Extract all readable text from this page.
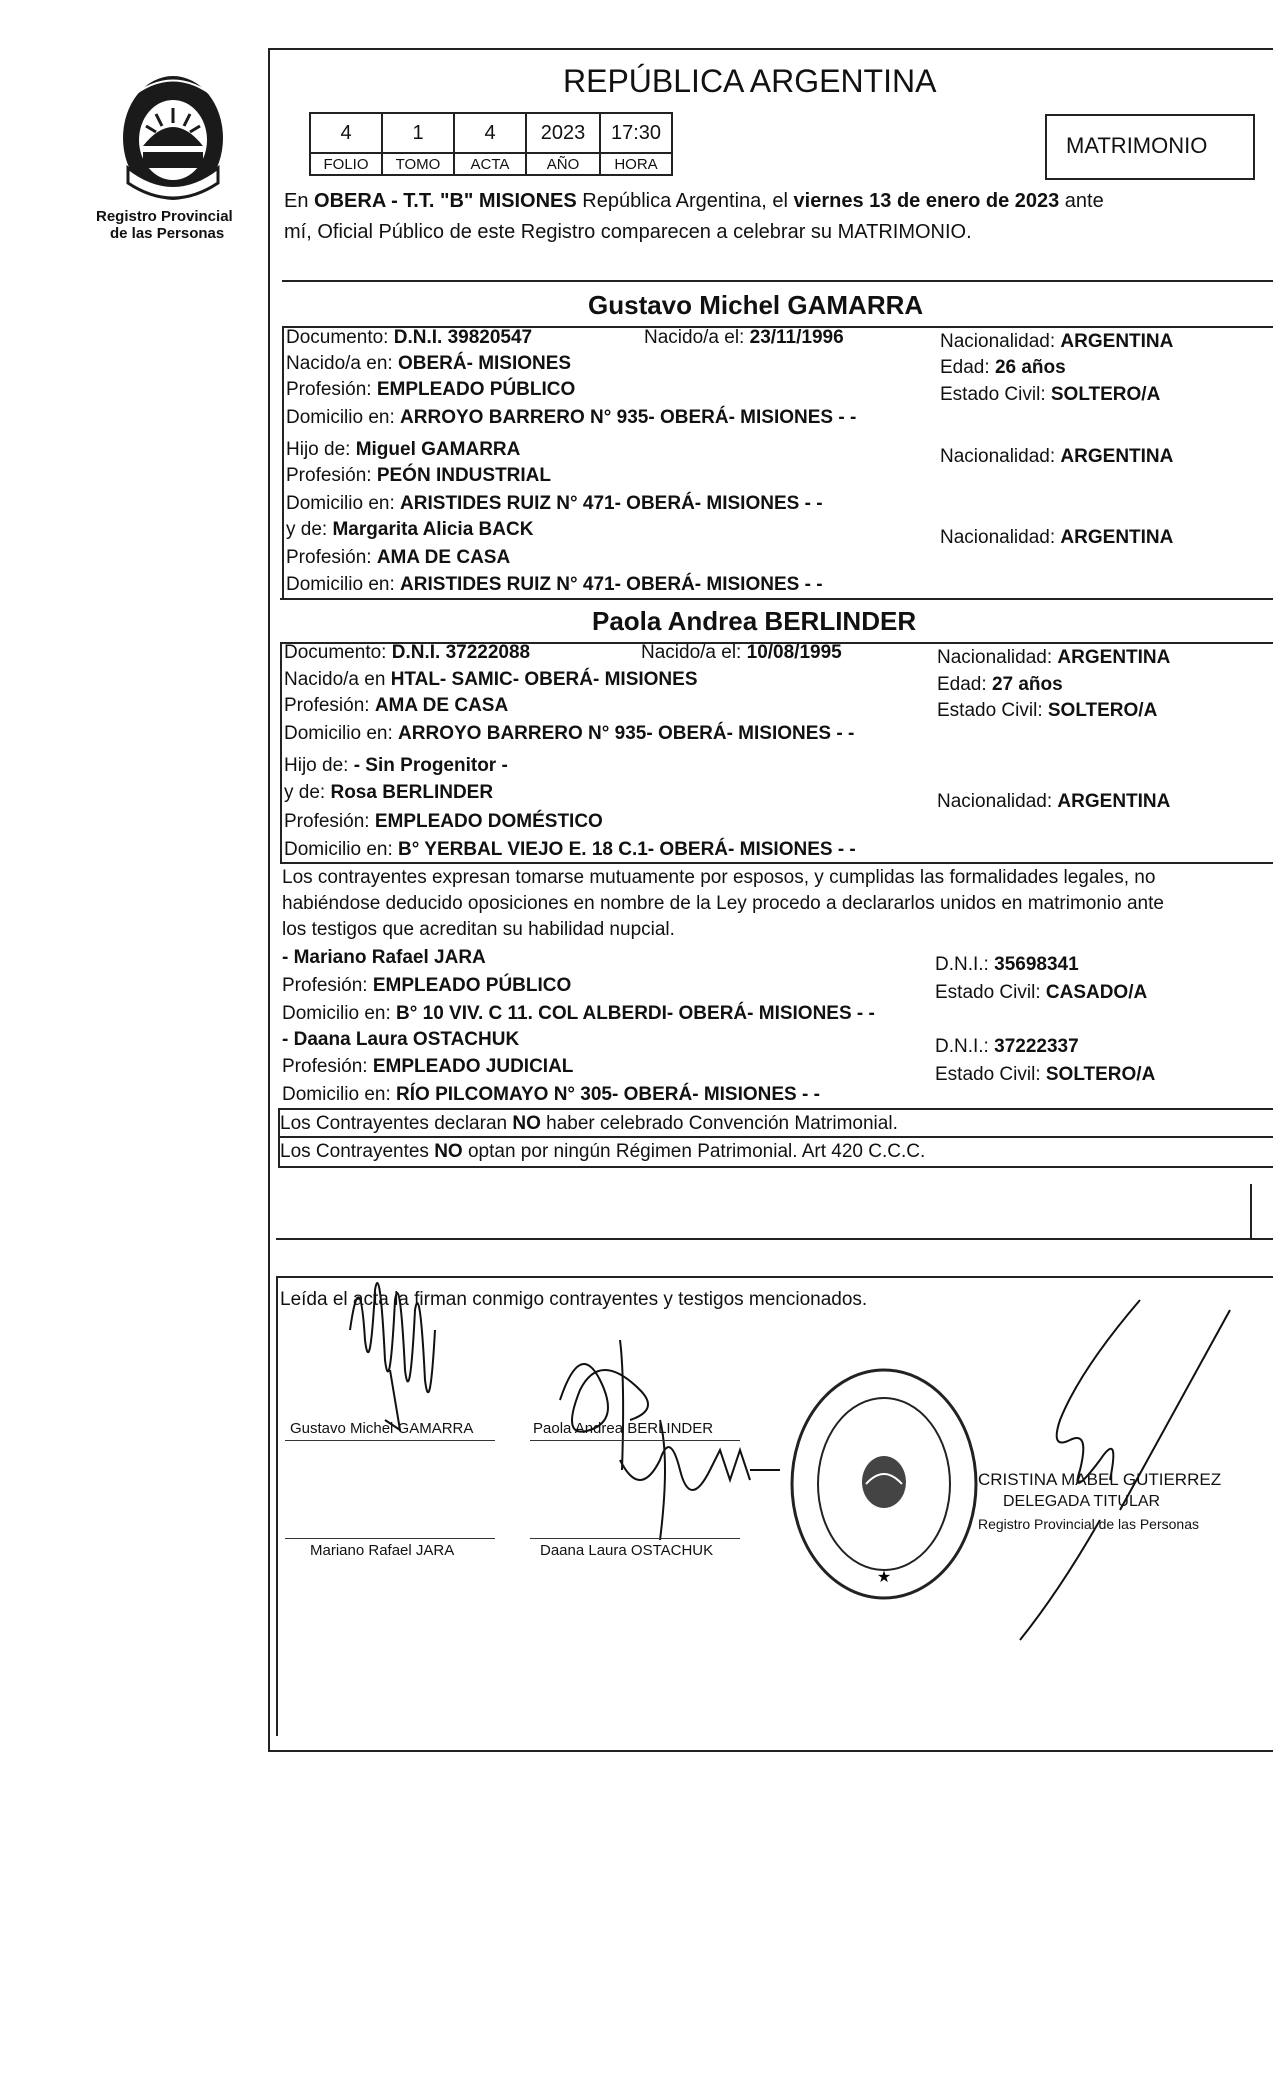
Registro Provincial
de las Personas
REPÚBLICA ARGENTINA
4	1	4	2023	17:30
FOLIO	TOMO	ACTA	AÑO	HORA
MATRIMONIO
En OBERA - T.T. "B" MISIONES República Argentina, el viernes 13 de enero de 2023 ante
mí, Oficial Público de este Registro comparecen a celebrar su MATRIMONIO.
Gustavo Michel GAMARRA
Documento: D.N.I. 39820547	Nacido/a el: 23/11/1996	Nacionalidad: ARGENTINA
Nacido/a en: OBERÁ- MISIONES	Edad: 26 años
Profesión: EMPLEADO PÚBLICO	Estado Civil: SOLTERO/A
Domicilio en: ARROYO BARRERO N° 935- OBERÁ- MISIONES - -
Hijo de: Miguel GAMARRA	Nacionalidad: ARGENTINA
Profesión: PEÓN INDUSTRIAL
Domicilio en: ARISTIDES RUIZ N° 471- OBERÁ- MISIONES - -
y de: Margarita Alicia BACK	Nacionalidad: ARGENTINA
Profesión: AMA DE CASA
Domicilio en: ARISTIDES RUIZ N° 471- OBERÁ- MISIONES - -
Paola Andrea BERLINDER
Documento: D.N.I. 37222088	Nacido/a el: 10/08/1995	Nacionalidad: ARGENTINA
Nacido/a en HTAL- SAMIC- OBERÁ- MISIONES	Edad: 27 años
Profesión: AMA DE CASA	Estado Civil: SOLTERO/A
Domicilio en: ARROYO BARRERO N° 935- OBERÁ- MISIONES - -
Hijo de: - Sin Progenitor -
y de: Rosa BERLINDER	Nacionalidad: ARGENTINA
Profesión: EMPLEADO DOMÉSTICO
Domicilio en: B° YERBAL VIEJO E. 18 C.1- OBERÁ- MISIONES - -
Los contrayentes expresan tomarse mutuamente por esposos, y cumplidas las formalidades legales, no
habiéndose deducido oposiciones en nombre de la Ley procedo a declararlos unidos en matrimonio ante
los testigos que acreditan su habilidad nupcial.
- Mariano Rafael JARA	D.N.I.: 35698341
Profesión: EMPLEADO PÚBLICO	Estado Civil: CASADO/A
Domicilio en: B° 10 VIV. C 11. COL ALBERDI- OBERÁ- MISIONES - -
- Daana Laura OSTACHUK	D.N.I.: 37222337
Profesión: EMPLEADO JUDICIAL	Estado Civil: SOLTERO/A
Domicilio en: RÍO PILCOMAYO N° 305- OBERÁ- MISIONES - -
Los Contrayentes declaran NO haber celebrado Convención Matrimonial.
Los Contrayentes NO optan por ningún Régimen Patrimonial. Art 420 C.C.C.
Leída el acta la firman conmigo contrayentes y testigos mencionados.
Gustavo Michel GAMARRA	Paola Andrea BERLINDER
Mariano Rafael JARA	Daana Laura OSTACHUK
★
CRISTINA MABEL GUTIERREZ
DELEGADA TITULAR
Registro Provincial de las Personas
